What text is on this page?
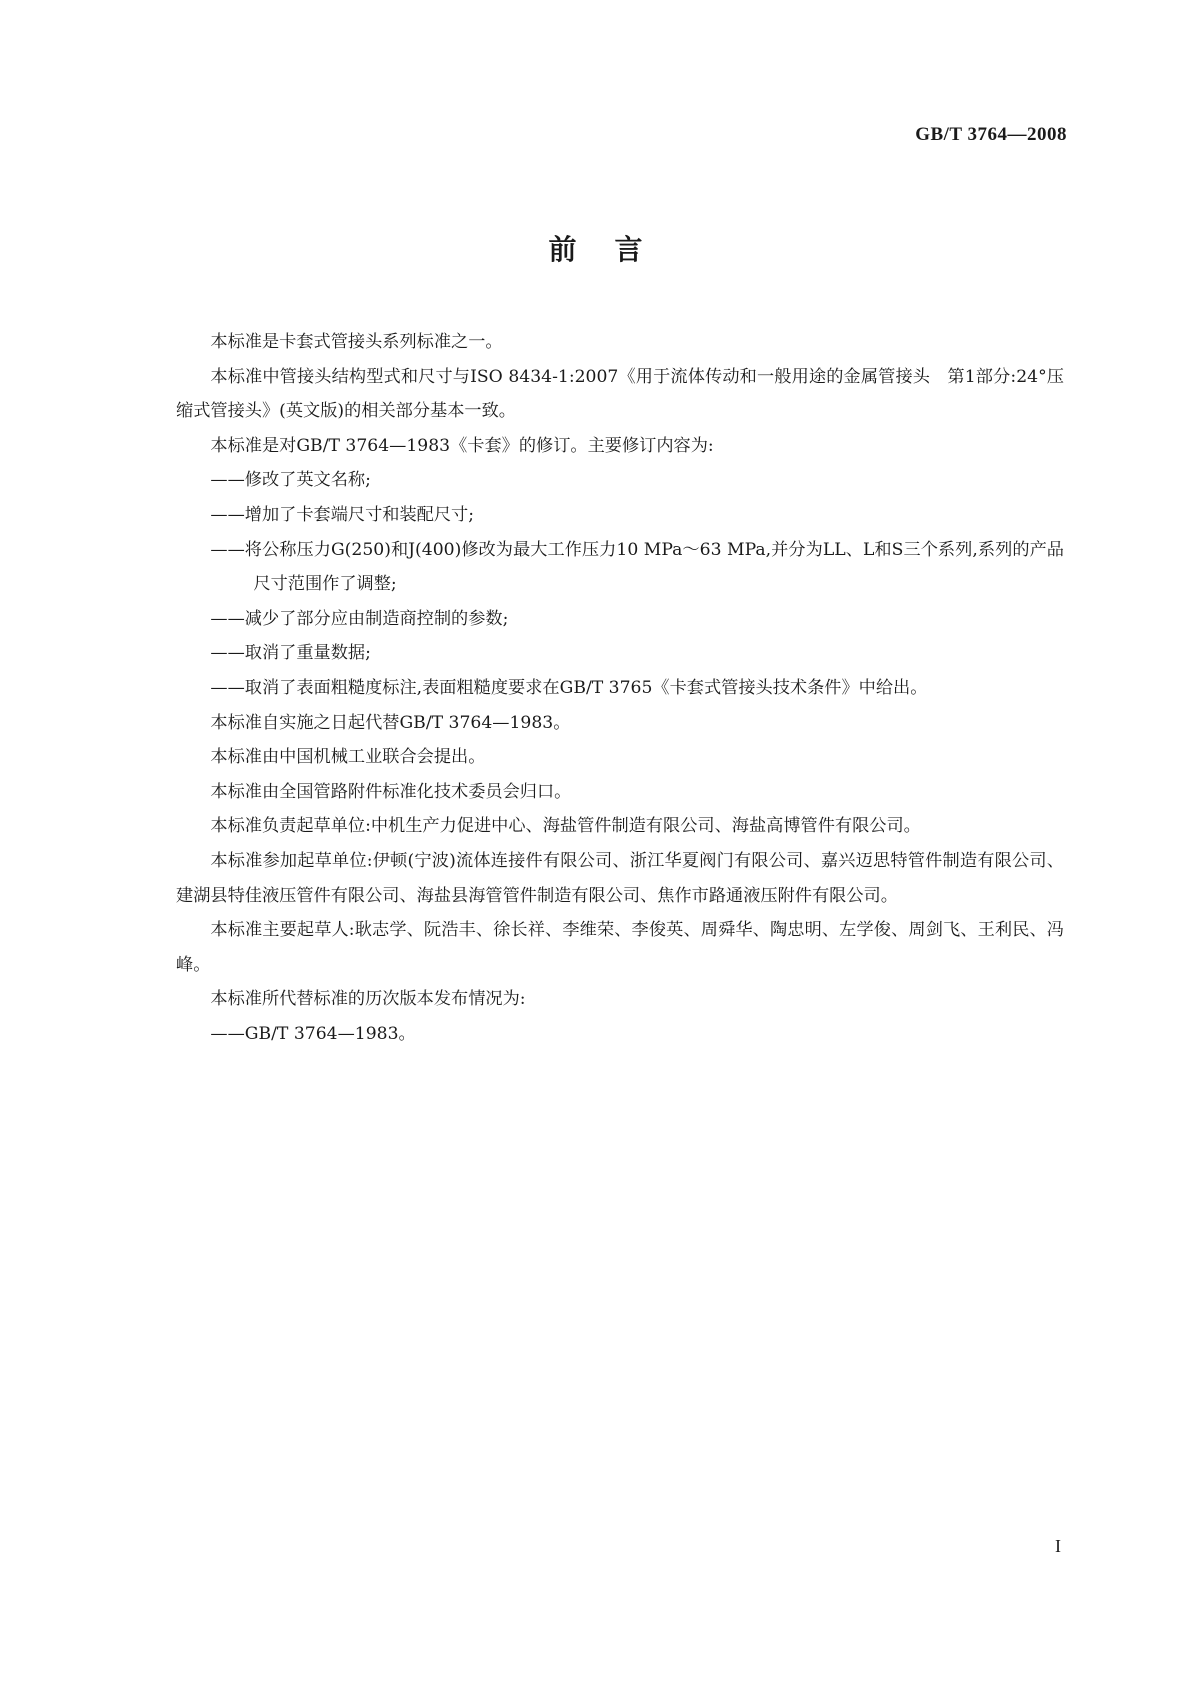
GB/T 3764—2008
前言

本标准是卡套式管接头系列标准之一。

本标准中管接头结构型式和尺寸与ISO 8434-1:2007《用于流体传动和一般用途的金属管接头　第1部分:24°压缩式管接头》(英文版)的相关部分基本一致。

本标准是对GB/T 3764—1983《卡套》的修订。主要修订内容为:

——修改了英文名称;

——增加了卡套端尺寸和装配尺寸;

——将公称压力G(250)和J(400)修改为最大工作压力10 MPa～63 MPa,并分为LL、L和S三个系列,系列的产品尺寸范围作了调整;

——减少了部分应由制造商控制的参数;

——取消了重量数据;

——取消了表面粗糙度标注,表面粗糙度要求在GB/T 3765《卡套式管接头技术条件》中给出。

本标准自实施之日起代替GB/T 3764—1983。

本标准由中国机械工业联合会提出。

本标准由全国管路附件标准化技术委员会归口。

本标准负责起草单位:中机生产力促进中心、海盐管件制造有限公司、海盐高博管件有限公司。

本标准参加起草单位:伊顿(宁波)流体连接件有限公司、浙江华夏阀门有限公司、嘉兴迈思特管件制造有限公司、建湖县特佳液压管件有限公司、海盐县海管管件制造有限公司、焦作市路通液压附件有限公司。

本标准主要起草人:耿志学、阮浩丰、徐长祥、李维荣、李俊英、周舜华、陶忠明、左学俊、周剑飞、王利民、冯峰。

本标准所代替标准的历次版本发布情况为:

——GB/T 3764—1983。

I
